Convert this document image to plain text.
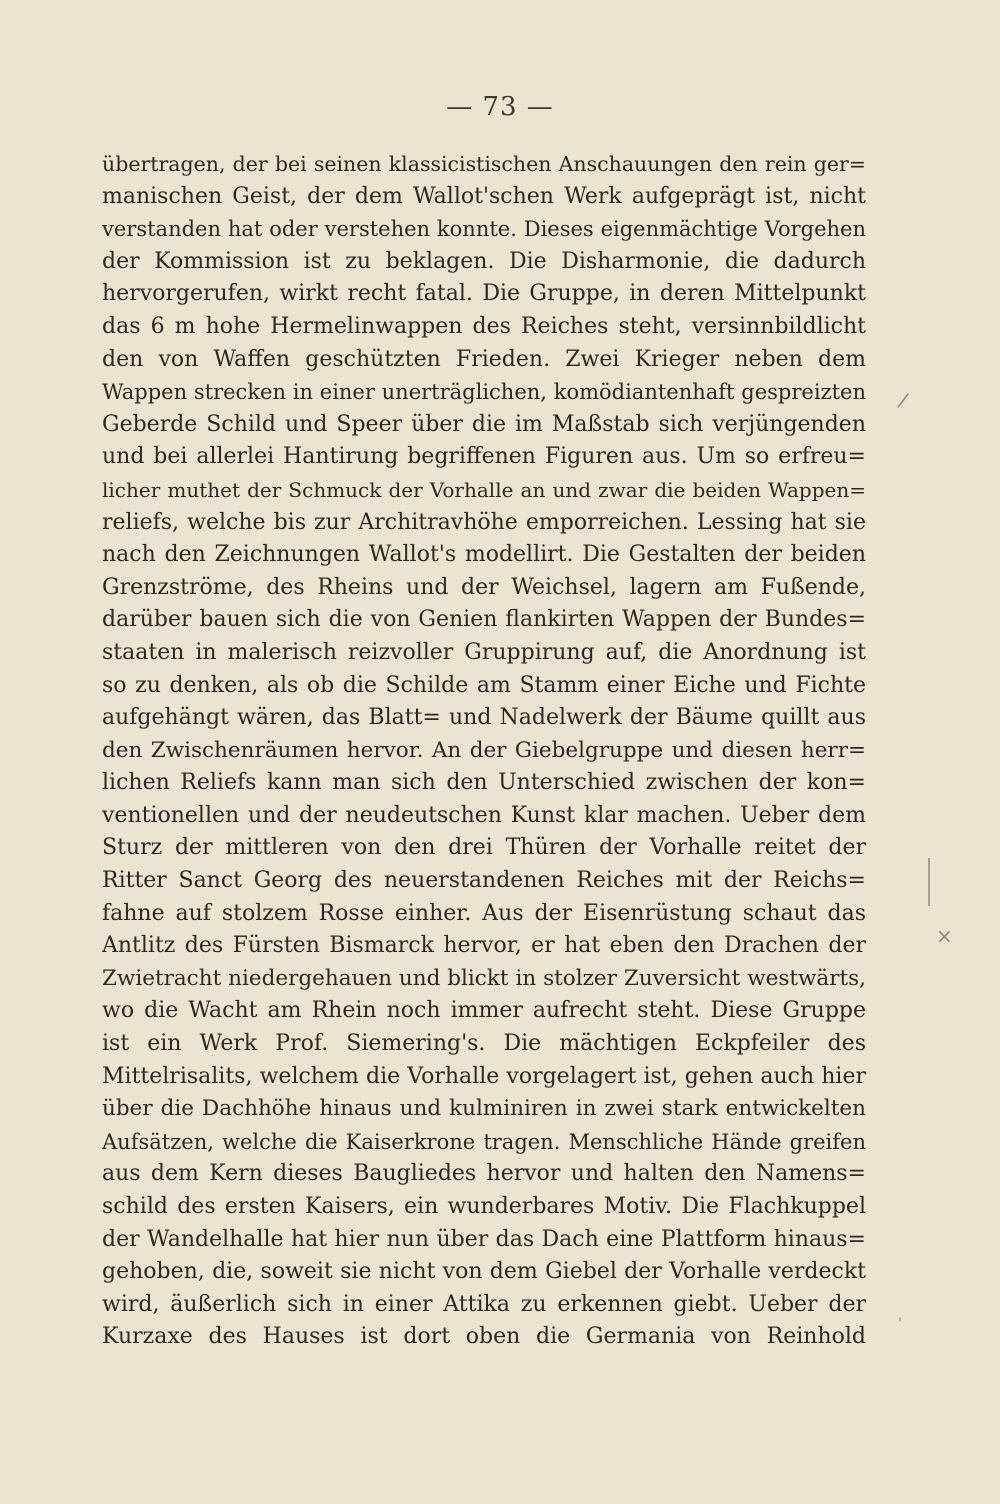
— 73 —
übertragen, der bei seinen klassicistischen Anschauungen den rein ger=
manischen Geist, der dem Wallot'schen Werk aufgeprägt ist, nicht
verstanden hat oder verstehen konnte. Dieses eigenmächtige Vorgehen
der Kommission ist zu beklagen. Die Disharmonie, die dadurch
hervorgerufen, wirkt recht fatal. Die Gruppe, in deren Mittelpunkt
das 6 m hohe Hermelinwappen des Reiches steht, versinnbildlicht
den von Waffen geschützten Frieden. Zwei Krieger neben dem
Wappen strecken in einer unerträglichen, komödiantenhaft gespreizten
Geberde Schild und Speer über die im Maßstab sich verjüngenden
und bei allerlei Hantirung begriffenen Figuren aus. Um so erfreu=
licher muthet der Schmuck der Vorhalle an und zwar die beiden Wappen=
reliefs, welche bis zur Architravhöhe emporreichen. Lessing hat sie
nach den Zeichnungen Wallot's modellirt. Die Gestalten der beiden
Grenzströme, des Rheins und der Weichsel, lagern am Fußende,
darüber bauen sich die von Genien flankirten Wappen der Bundes=
staaten in malerisch reizvoller Gruppirung auf, die Anordnung ist
so zu denken, als ob die Schilde am Stamm einer Eiche und Fichte
aufgehängt wären, das Blatt= und Nadelwerk der Bäume quillt aus
den Zwischenräumen hervor. An der Giebelgruppe und diesen herr=
lichen Reliefs kann man sich den Unterschied zwischen der kon=
ventionellen und der neudeutschen Kunst klar machen. Ueber dem
Sturz der mittleren von den drei Thüren der Vorhalle reitet der
Ritter Sanct Georg des neuerstandenen Reiches mit der Reichs=
fahne auf stolzem Rosse einher. Aus der Eisenrüstung schaut das
Antlitz des Fürsten Bismarck hervor, er hat eben den Drachen der
Zwietracht niedergehauen und blickt in stolzer Zuversicht westwärts,
wo die Wacht am Rhein noch immer aufrecht steht. Diese Gruppe
ist ein Werk Prof. Siemering's. Die mächtigen Eckpfeiler des
Mittelrisalits, welchem die Vorhalle vorgelagert ist, gehen auch hier
über die Dachhöhe hinaus und kulminiren in zwei stark entwickelten
Aufsätzen, welche die Kaiserkrone tragen. Menschliche Hände greifen
aus dem Kern dieses Baugliedes hervor und halten den Namens=
schild des ersten Kaisers, ein wunderbares Motiv. Die Flachkuppel
der Wandelhalle hat hier nun über das Dach eine Plattform hinaus=
gehoben, die, soweit sie nicht von dem Giebel der Vorhalle verdeckt
wird, äußerlich sich in einer Attika zu erkennen giebt. Ueber der
Kurzaxe des Hauses ist dort oben die Germania von Reinhold
/
×
'
